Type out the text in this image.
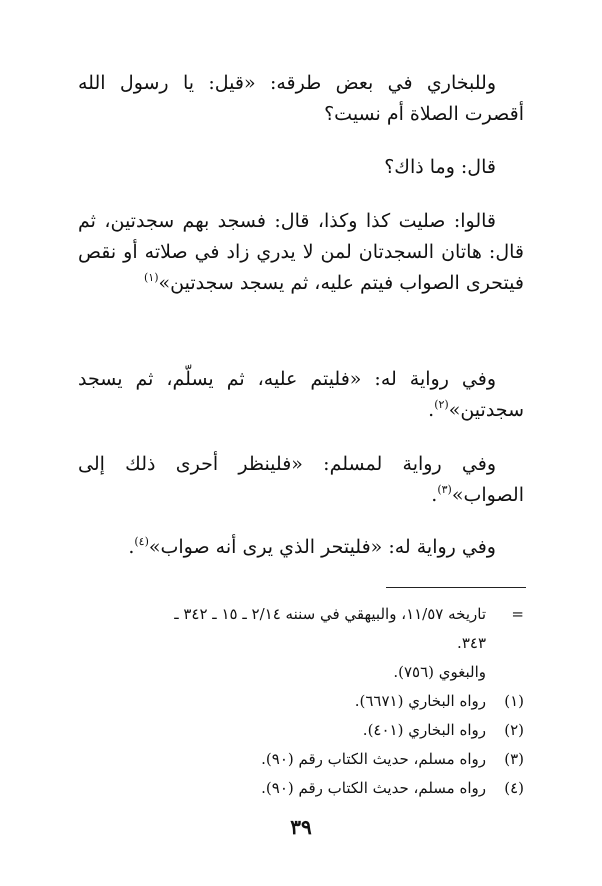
وللبخاري في بعض طرقه: «قيل: يا رسول الله أقصرت الصلاة أم نسيت؟

قال: وما ذاك؟

قالوا: صليت كذا وكذا، قال: فسجد بهم سجدتين، ثم قال: هاتان السجدتان لمن لا يدري زاد في صلاته أو نقص فيتحرى الصواب فيتم عليه، ثم يسجد سجدتين»$^{(١)}$

وفي رواية له: «فليتم عليه، ثم يسلّم، ثم يسجد سجدتين»$^{(٢)}$.

وفي رواية لمسلم: «فلينظر أحرى ذلك إلى الصواب»$^{(٣)}$.

وفي رواية له: «فليتحر الذي يرى أنه صواب»$^{(٤)}$.

=تاريخه ١١/٥٧، والبيهقي في سننه ٢/١٤ ـ ١٥ ـ ٣٤٢ ـ

٣٤٣.

والبغوي (٧٥٦).

(١)رواه البخاري (٦٦٧١).

(٢)رواه البخاري (٤٠١).

(٣)رواه مسلم، حديث الكتاب رقم (٩٠).

(٤)رواه مسلم، حديث الكتاب رقم (٩٠).

٣٩
